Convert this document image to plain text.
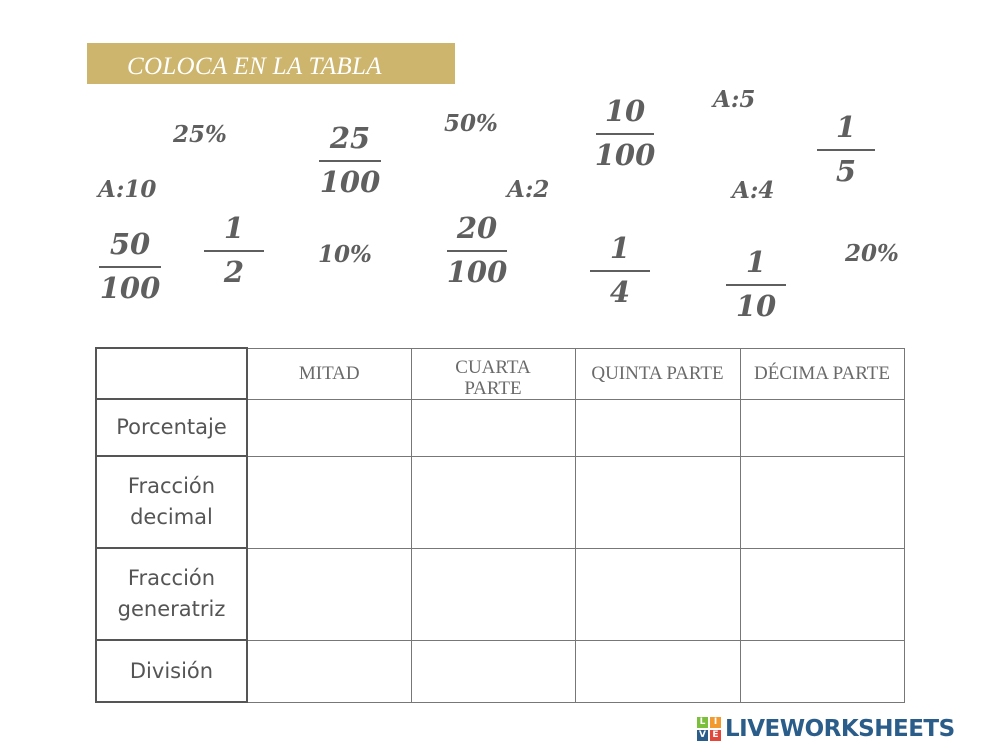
COLOCA EN LA TABLA
25%	50%
A:5
A:10	A:2	A:4
10%	20%
25
100
10
100
1
5
50
100
1
2
20
100
1
4
1
10
	MITAD	CUARTA PARTE	QUINTA PARTE	DÉCIMA PARTE
Porcentaje				
Fracción decimal				
Fracción generatriz				
División				
L I
V E LIVEWORKSHEETS
